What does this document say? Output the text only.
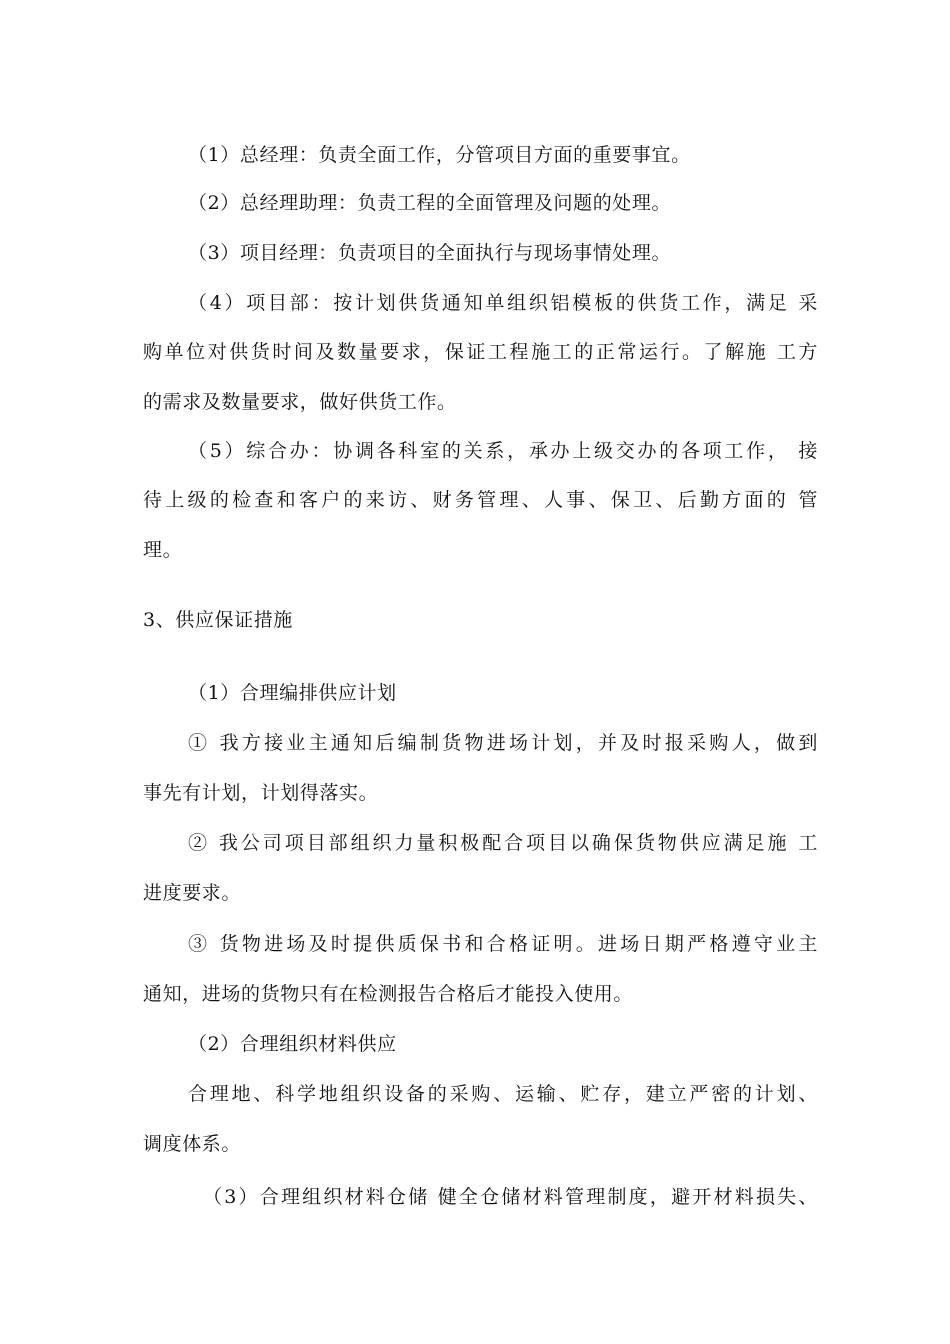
（1）总经理：负责全面工作，分管项目方面的重要事宜。
（2）总经理助理：负责工程的全面管理及问题的处理。
（3）项目经理：负责项目的全面执行与现场事情处理。
（4）项目部：按计划供货通知单组织铝模板的供货工作，满足 采
购单位对供货时间及数量要求，保证工程施工的正常运行。了解施 工方
的需求及数量要求，做好供货工作。
（5）综合办：协调各科室的关系，承办上级交办的各项工作， 接
待上级的检查和客户的来访、财务管理、人事、保卫、后勤方面的 管
理。
3、供应保证措施
（1）合理编排供应计划
① 我方接业主通知后编制货物进场计划，并及时报采购人，做到
事先有计划，计划得落实。
② 我公司项目部组织力量积极配合项目以确保货物供应满足施 工
进度要求。
③ 货物进场及时提供质保书和合格证明。进场日期严格遵守业主
通知，进场的货物只有在检测报告合格后才能投入使用。
（2）合理组织材料供应
合理地、科学地组织设备的采购、运输、贮存，建立严密的计划、
调度体系。
（3）合理组织材料仓储 健全仓储材料管理制度，避开材料损失、
